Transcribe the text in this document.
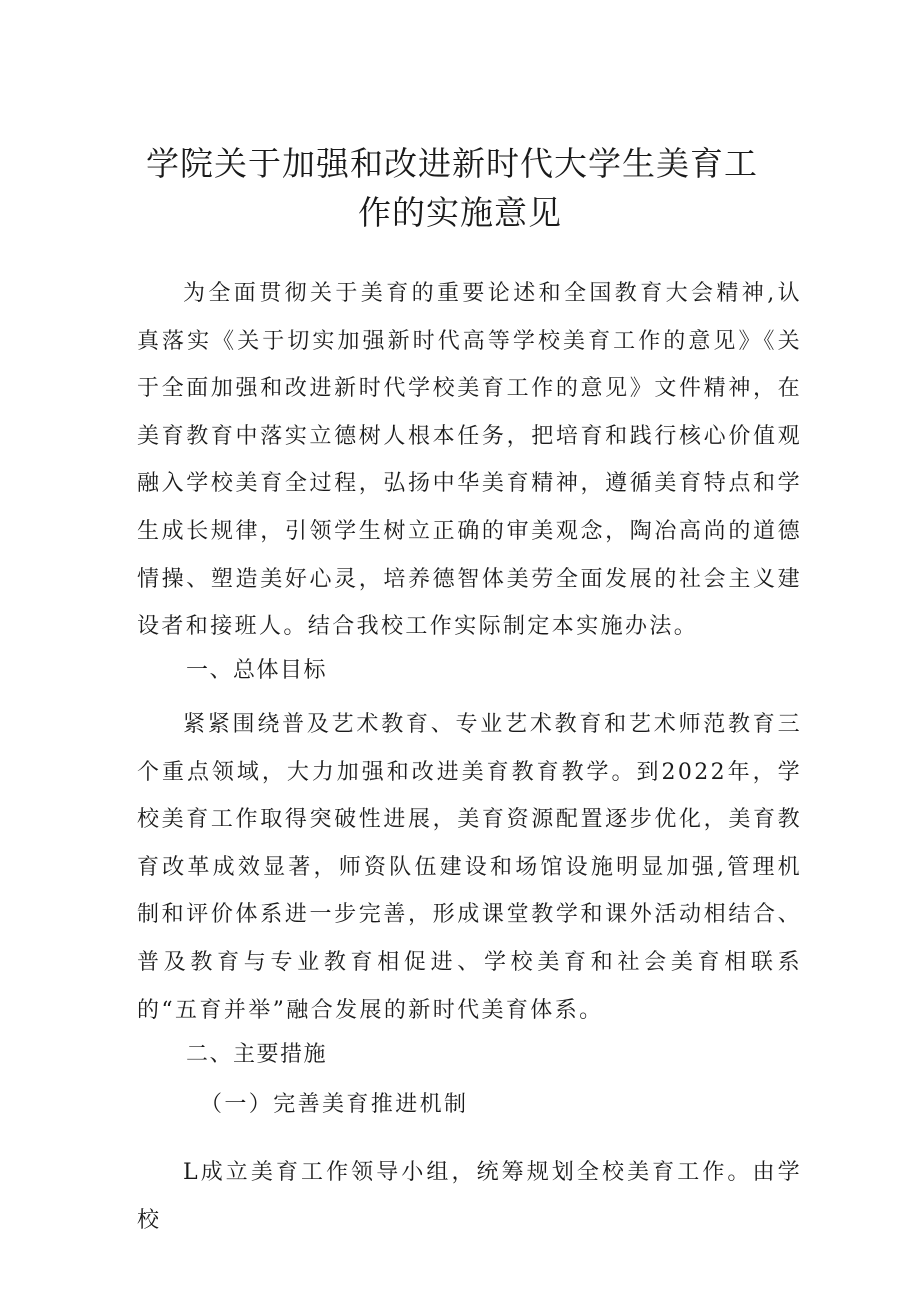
学院关于加强和改进新时代大学生美育工
作的实施意见

为全面贯彻关于美育的重要论述和全国教育大会精神,认真落实《关于切实加强新时代高等学校美育工作的意见》《关于全面加强和改进新时代学校美育工作的意见》文件精神，在美育教育中落实立德树人根本任务，把培育和践行核心价值观融入学校美育全过程，弘扬中华美育精神，遵循美育特点和学生成长规律，引领学生树立正确的审美观念，陶冶高尚的道德情操、塑造美好心灵，培养德智体美劳全面发展的社会主义建设者和接班人。结合我校工作实际制定本实施办法。

一、总体目标

紧紧围绕普及艺术教育、专业艺术教育和艺术师范教育三个重点领域，大力加强和改进美育教育教学。到2022年，学校美育工作取得突破性进展，美育资源配置逐步优化，美育教育改革成效显著，师资队伍建设和场馆设施明显加强,管理机制和评价体系进一步完善，形成课堂教学和课外活动相结合、普及教育与专业教育相促进、学校美育和社会美育相联系的“五育并举”融合发展的新时代美育体系。

二、主要措施
（一）完善美育推进机制

L成立美育工作领导小组，统筹规划全校美育工作。由学校
